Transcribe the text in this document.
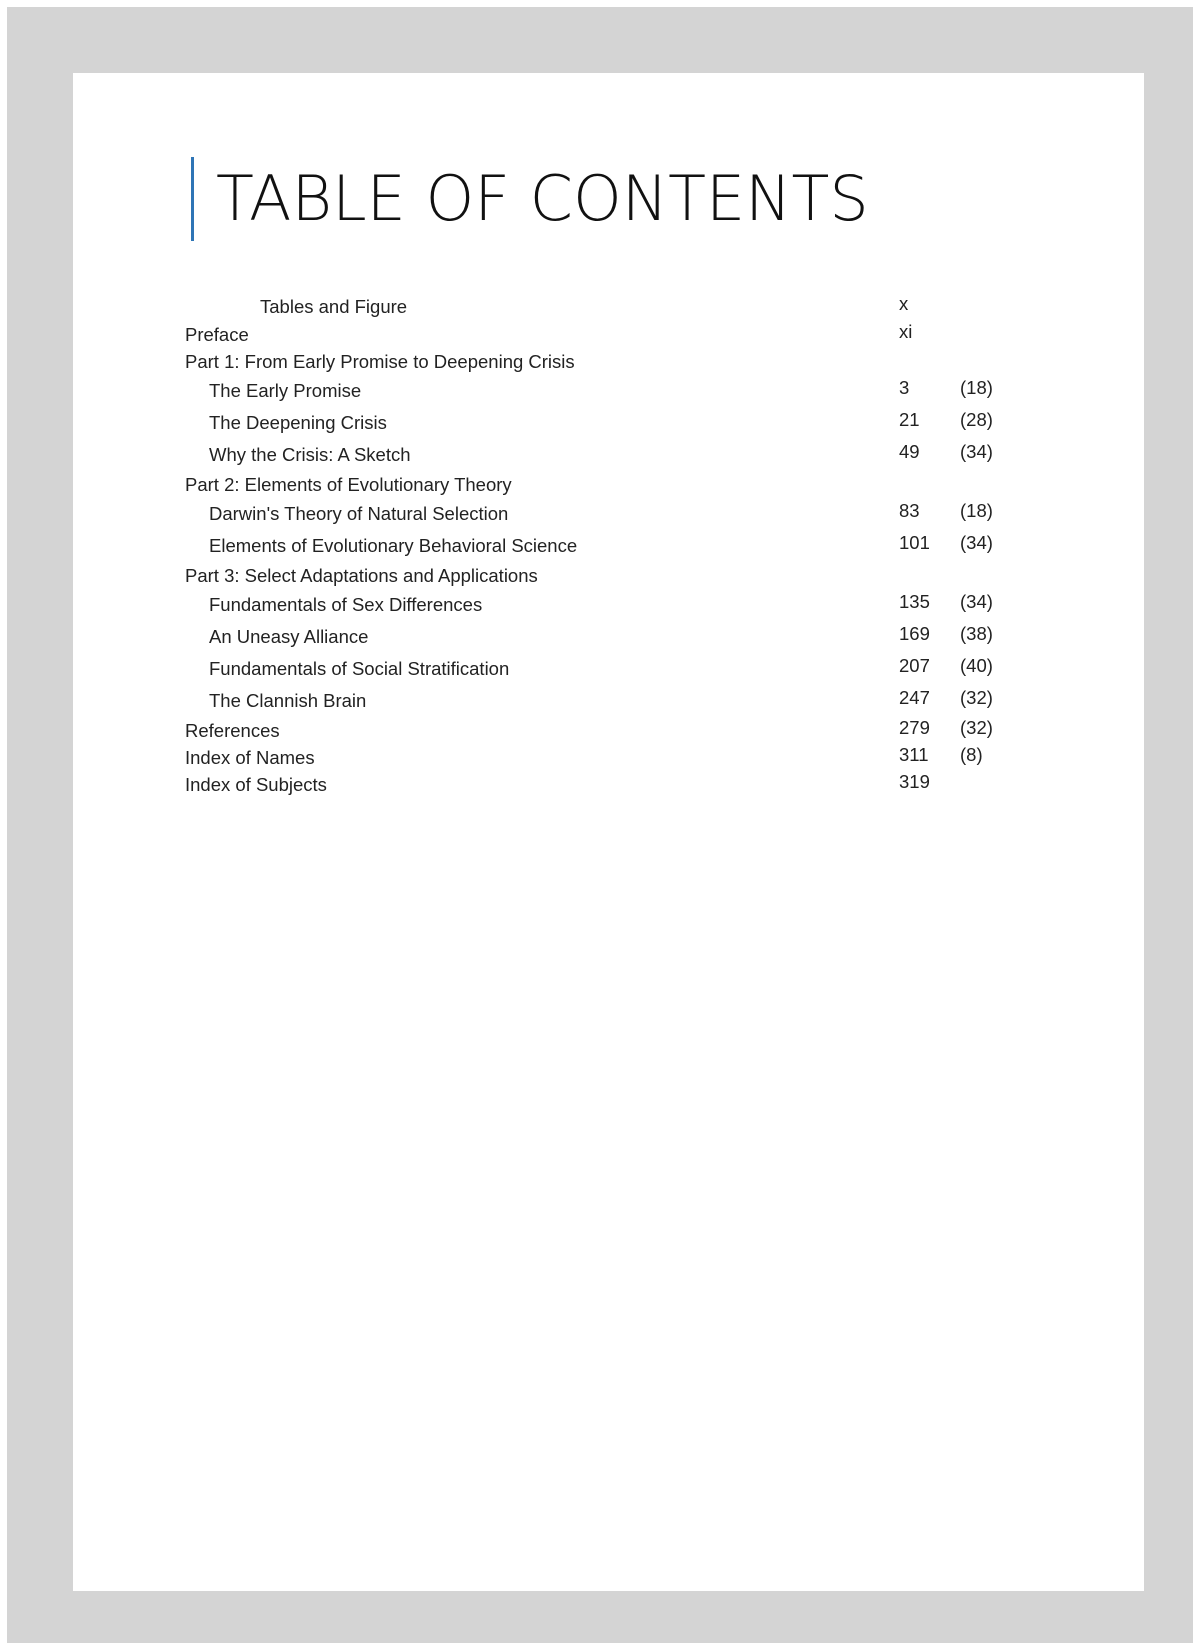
TABLE OF CONTENTS
Tables and Figure	x
Preface	xi
Part 1: From Early Promise to Deepening Crisis
The Early Promise	3	(18)
The Deepening Crisis	21 (28)
Why the Crisis: A Sketch	49 (34)
Part 2: Elements of Evolutionary Theory
Darwin's Theory of Natural Selection	83 (18)
Elements of Evolutionary Behavioral Science	101 (34)
Part 3: Select Adaptations and Applications
Fundamentals of Sex Differences	135 (34)
An Uneasy Alliance	169 (38)
Fundamentals of Social Stratification	207 (40)
The Clannish Brain	247 (32)
References	279 (32)
Index of Names	311 (8)
Index of Subjects	319
